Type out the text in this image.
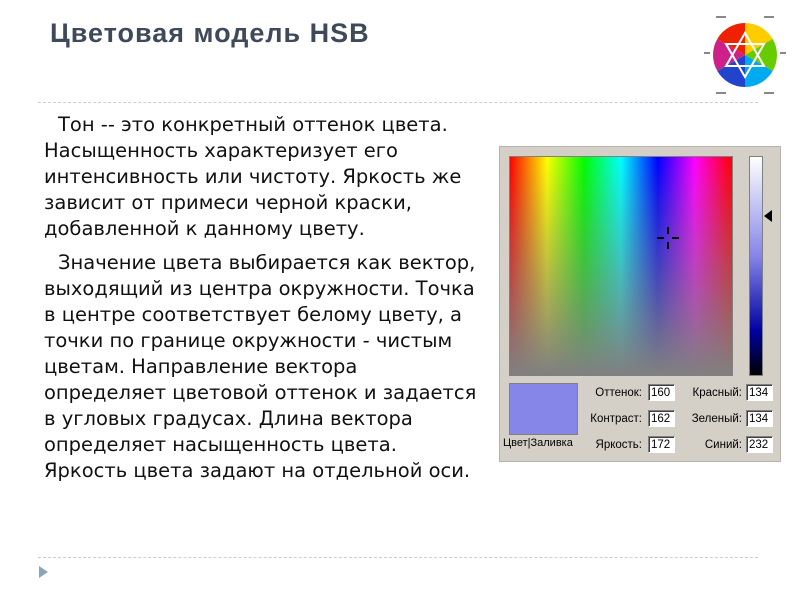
Цветовая модель HSB

Тон -- это конкретный оттенок цвета. Насыщенность характеризует его интенсивность или чистоту. Яркость же зависит от примеси черной краски, добавленной к данному цвету.

Значение цвета выбирается как вектор, выходящий из центра окружности. Точка в центре соответствует белому цвету, а точки по границе окружности - чистым цветам. Направление вектора определяет цветовой оттенок и задается в угловых градусах. Длина вектора определяет насыщенность цвета. Яркость цвета задают на отдельной оси.

Цвет|Заливка
Оттенок: 160
Контраст: 162
Яркость: 172
Красный: 134
Зеленый: 134
Синий: 232
